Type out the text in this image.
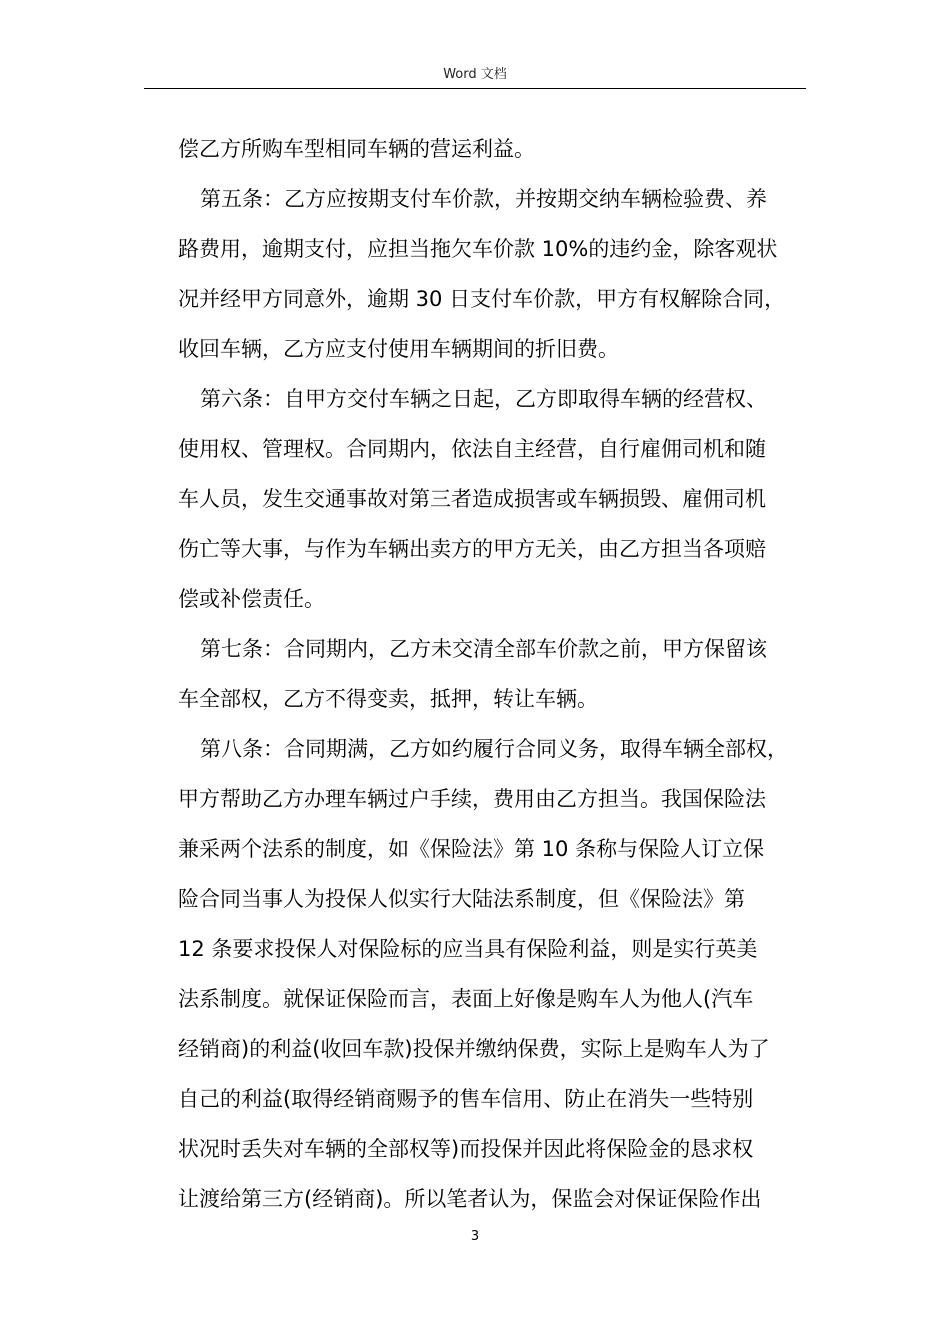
Word 文档
偿乙方所购车型相同车辆的营运利益。
第五条：乙方应按期支付车价款，并按期交纳车辆检验费、养
路费用，逾期支付，应担当拖欠车价款 10%的违约金，除客观状
况并经甲方同意外，逾期 30 日支付车价款，甲方有权解除合同，
收回车辆，乙方应支付使用车辆期间的折旧费。
第六条：自甲方交付车辆之日起，乙方即取得车辆的经营权、
使用权、管理权。合同期内，依法自主经营，自行雇佣司机和随
车人员，发生交通事故对第三者造成损害或车辆损毁、雇佣司机
伤亡等大事，与作为车辆出卖方的甲方无关，由乙方担当各项赔
偿或补偿责任。
第七条：合同期内，乙方未交清全部车价款之前，甲方保留该
车全部权，乙方不得变卖，抵押，转让车辆。
第八条：合同期满，乙方如约履行合同义务，取得车辆全部权，
甲方帮助乙方办理车辆过户手续，费用由乙方担当。我国保险法
兼采两个法系的制度，如《保险法》第 10 条称与保险人订立保
险合同当事人为投保人似实行大陆法系制度，但《保险法》第
12 条要求投保人对保险标的应当具有保险利益，则是实行英美
法系制度。就保证保险而言，表面上好像是购车人为他人(汽车
经销商)的利益(收回车款)投保并缴纳保费，实际上是购车人为了
自己的利益(取得经销商赐予的售车信用、防止在消失一些特别
状况时丢失对车辆的全部权等)而投保并因此将保险金的恳求权
让渡给第三方(经销商)。所以笔者认为，保监会对保证保险作出
3
